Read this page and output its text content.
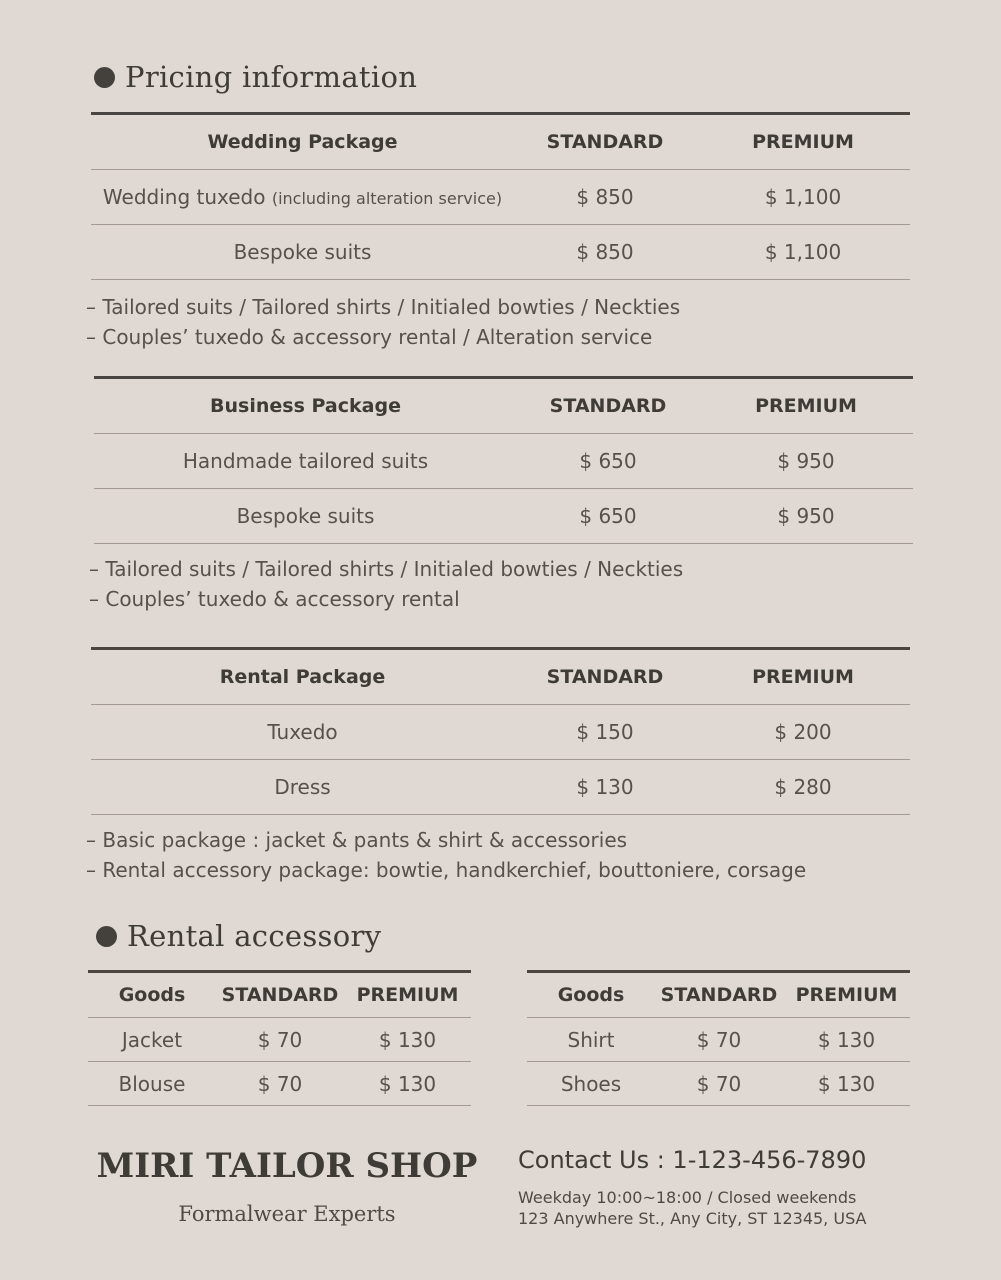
Pricing information
Wedding Package	STANDARD	PREMIUM
Wedding tuxedo (including alteration service)	$ 850	$ 1,100
Bespoke suits	$ 850	$ 1,100
– Tailored suits / Tailored shirts / Initialed bowties / Neckties
– Couples’ tuxedo & accessory rental / Alteration service
Business Package	STANDARD	PREMIUM
Handmade tailored suits	$ 650	$ 950
Bespoke suits	$ 650	$ 950
– Tailored suits / Tailored shirts / Initialed bowties / Neckties
– Couples’ tuxedo & accessory rental
Rental Package	STANDARD	PREMIUM
Tuxedo	$ 150	$ 200
Dress	$ 130	$ 280
– Basic package : jacket & pants & shirt & accessories
– Rental accessory package: bowtie, handkerchief, bouttoniere, corsage
Rental accessory
Goods	STANDARD	PREMIUM
Jacket	$ 70	$ 130
Blouse	$ 70	$ 130
Goods	STANDARD	PREMIUM
Shirt	$ 70	$ 130
Shoes	$ 70	$ 130
MIRI TAILOR SHOP
Formalwear Experts
Contact Us : 1-123-456-7890
Weekday 10:00~18:00 / Closed weekends
123 Anywhere St., Any City, ST 12345, USA
